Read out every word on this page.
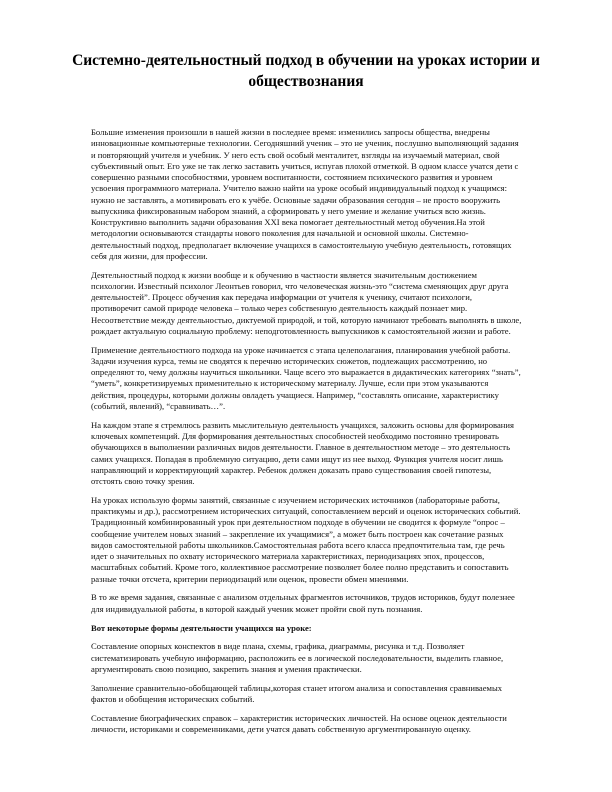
Системно-деятельностный подход в обучении на уроках истории и обществознания

Большие изменения произошли в нашей жизни в последнее время: изменились запросы общества, внедрены инновационные компьютерные технологии. Сегодняшний ученик – это не ученик, послушно выполняющий задания и повторяющий учителя и учебник. У него есть свой особый менталитет, взгляды на изучаемый материал, свой субъективный опыт. Его уже не так легко заставить учиться, испугав плохой отметкой. В одном классе учатся дети с совершенно разными способностями, уровнем воспитанности, состоянием психического развития и уровнем усвоения программного материала. Учителю важно найти на уроке особый индивидуальный подход к учащимся: нужно не заставлять, а мотивировать его к учёбе. Основные задачи образования сегодня – не просто вооружить выпускника фиксированным набором знаний, а сформировать у него умение и желание учиться всю жизнь. Конструктивно выполнить задачи образования XXI века помогает деятельностный метод обучения.На этой методологии основываются стандарты нового поколения для начальной и основной школы. Системно-деятельностный подход, предполагает включение учащихся в самостоятельную учебную деятельность, готовящих себя для жизни, для профессии.

Деятельностный подход к жизни вообще и к обучению в частности является значительным достижением психологии. Известный психолог Леонтьев говорил, что человеческая жизнь-это “система сменяющих друг друга деятельностей”. Процесс обучения как передача информации от учителя к ученику, считают психологи, противоречит самой природе человека – только через собственную деятельность каждый познает мир. Несоответствие между деятельностью, диктуемой природой, и той, которую начинают требовать выполнять в школе, рождает актуальную социальную проблему: неподготовленность выпускников к самостоятельной жизни и работе.

Применение деятельностного подхода на уроке начинается с этапа целеполагания, планирования учебной работы. Задачи изучения курса, темы не сводятся к перечню исторических сюжетов, подлежащих рассмотрению, но определяют то, чему должны научиться школьники. Чаще всего это выражается в дидактических категориях “знать”, “уметь”, конкретизируемых применительно к историческому материалу. Лучше, если при этом указываются действия, процедуры, которыми должны овладеть учащиеся. Например, “составлять описание, характеристику (событий, явлений), “сравнивать…”.

На каждом этапе я стремлюсь развить мыслительную деятельность учащихся, заложить основы для формирования ключевых компетенций. Для формирования деятельностных способностей необходимо постоянно тренировать обучающихся в выполнении различных видов деятельности. Главное в деятельностном методе – это деятельность самих учащихся. Попадая в проблемную ситуацию, дети сами ищут из нее выход. Функция учителя носит лишь направляющий и корректирующий характер. Ребенок должен доказать право существования своей гипотезы, отстоять свою точку зрения.

На уроках использую формы занятий, связанные с изучением исторических источников (лабораторные работы, практикумы и др.), рассмотрением исторических ситуаций, сопоставлением версий и оценок исторических событий. Традиционный комбинированный урок при деятельностном подходе в обучении не сводится к формуле “опрос – сообщение учителем новых знаний – закрепление их учащимися”, а может быть построен как сочетание разных видов самостоятельной работы школьников.Самостоятельная работа всего класса предпочтительна там, где речь идет о значительных по охвату исторического материала характеристиках, периодизациях эпох, процессов, масштабных событий. Кроме того, коллективное рассмотрение позволяет более полно представить и сопоставить разные точки отсчета, критерии периодизаций или оценок, провести обмен мнениями.

В то же время задания, связанные с анализом отдельных фрагментов источников, трудов историков, будут полезнее для индивидуальной работы, в которой каждый ученик может пройти свой путь познания.

Вот некоторые формы деятельности учащихся на уроке:

Составление опорных конспектов в виде плана, схемы, графика, диаграммы, рисунка и т.д. Позволяет систематизировать учебную информацию, расположить ее в логической последовательности, выделить главное, аргументировать свою позицию, закрепить знания и умения практически.

Заполнение сравнительно-обобщающей таблицы,которая станет итогом анализа и сопоставления сравниваемых фактов и обобщения исторических событий.

Составление биографических справок – характеристик исторических личностей. На основе оценок деятельности личности, историками и современниками, дети учатся давать собственную аргументированную оценку.
